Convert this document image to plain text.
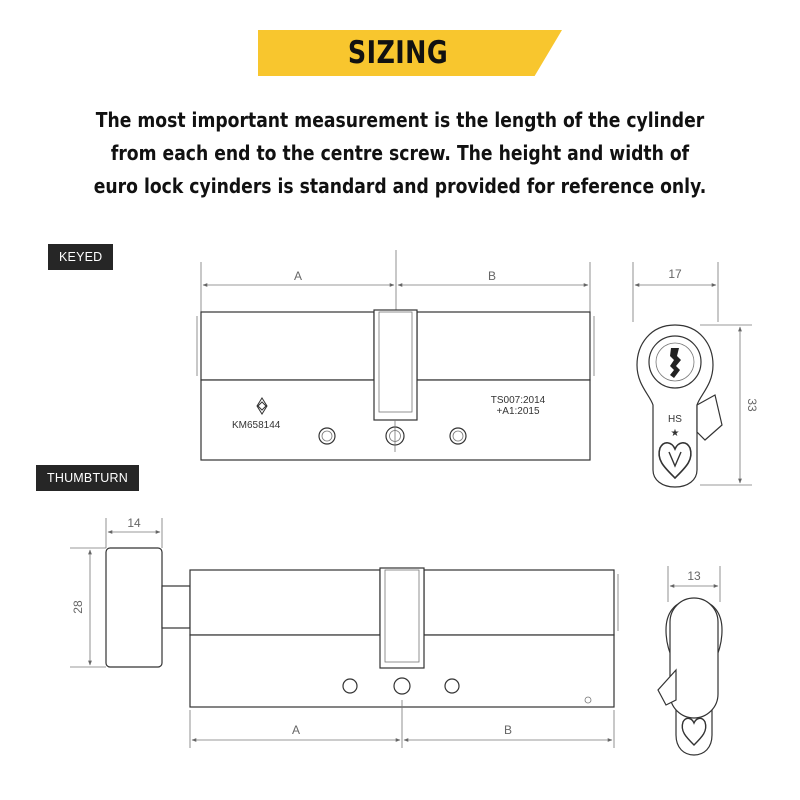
SIZING
The most important measurement is the length of the cylinder
from each end to the centre screw. The height and width of
euro lock cyinders is standard and provided for reference only.
KEYED
THUMBTURN
A	B
KM658144
TS007:2014
+A1:2015
17
33
HS
★
14
28
A	B
13
